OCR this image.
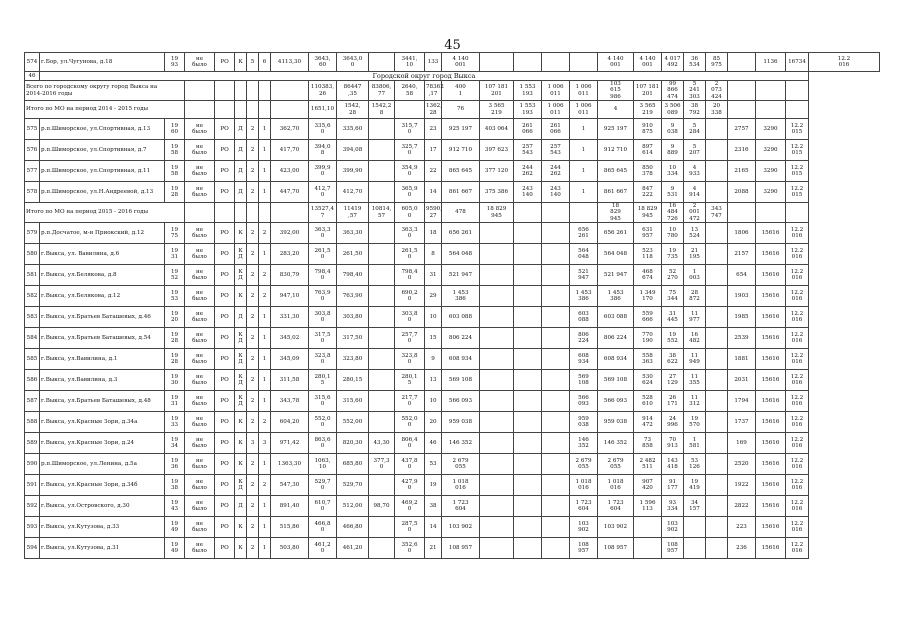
45
574	г.Бор, ул.Чугунова, д.18	19
93	не
было	РО	К	5	6	4113,30	3643,
60	3643,0
0		3441,
10	133	4 140
001					4 140
001	4 140
001	4 017
492	36
534	85
975		1136	16734	12.2
016
46	Городской округ город Выкса																										
Всего по городскому округу город Выкса на
2014-2016 годы									110383,
26	86447
,35	83806,
77	2640,
58	78362
,17	400
1	107 181
201	1 553
193	1 006
011	1 006
011	103
615
986	107 181
201	99
866
474	5
241
303	2
073
424				
Итого по МО на период 2014 - 2015 годы									1651,10	1542,
28	1542,2
8		1362,
28	76	3 565
219	1 553
193	1 006
011	1 006
011	4	3 565
219	3 506
089	38
792	20
338				
575	р.п.Шиморское, ул.Спортивная, д.13	19
60	не
было	РО	Д	2	1	362,70	335,6
0	335,60		315,7
0	23	925 197	403 064	261
066	261
066	1	925 197	910
875	9
038	5
284		2757	3290	12.2
015	
576	р.п.Шиморское, ул.Спортивная, д.7	19
58	не
было	РО	Д	2	1	417,70	394,0
8	394,08		325,7
0	17	912 710	397 623	257
543	257
543	1	912 710	897
614	9
889	5
207		2316	3290	12.2
015	
577	р.п.Шиморское, ул.Спортивная, д.11	19
58	не
было	РО	Д	2	1	423,00	399,9
0	399,90		354,9
0	22	865 645	377 120	244
262	244
262	1	865 645	850
378	10
334	4
933		2165	3290	12.2
015	
578	р.п.Шиморское, ул.Н.Андреевой, д.13	19
28	не
было	РО	Д	2	1	447,70	412,7
0	412,70		365,9
0	14	861 667	375 386	243
140	243
140	1	861 667	847
222	9
531	4
914		2088	3290	12.2
015	
Итого по МО на период 2015 - 2016 годы									13527,4
7	11419
,57	10814,
57	605,0
0	9590,
27	478	18 829
945				18
829
945	18 829
945	16
484
726	2
001
472	343
747				
579	р.п.Досчатое, м-н Приокский, д.12	19
75	не
было	РО	К	2	2	392,00	363,3
0	363,30		363,3
0	18	656 261				656
261	656 261	631
957	10
780	13
524		1806	15616	12.2
016	
580	г.Выкса, ул. Вавилина, д.6	19
31	не
было	РО	К
Д	2	1	283,20	261,5
0	261,50		261,5
0	8	564 048				564
048	564 048	523
118	19
735	21
195		2157	15616	12.2
016	
581	г.Выкса, ул.Белякова, д.8	19
52	не
было	РО	К
Д	2	2	830,79	798,4
0	798,40		798,4
0	31	521 947				521
947	521 947	468
674	52
270	1
003		654	15616	12.2
016	
582	г.Выкса, ул.Белякова, д.12	19
53	не
было	РО	К	2	2	947,10	763,9
0	763,90		690,2
0	29	1 453
386				1 453
386	1 453
386	1 349
170	75
344	28
872		1903	15616	12.2
016	
583	г.Выкса, ул.Братьев Баташевых, д.46	19
20	не
было	РО	Д	2	1	331,30	303,8
0	303,80		303,8
0	10	603 088				603
088	603 088	559
666	31
445	11
977		1985	15616	12.2
016	
584	г.Выкса, ул.Братьев Баташевых, д.54	19
28	не
было	РО	К
Д	2	1	345,02	317,5
0	317,50		257,7
0	15	806 224				806
224	806 224	770
190	19
552	16
482		2539	15616	12.2
016	
585	г.Выкса, ул.Вавилина, д.1	19
28	не
было	РО	К
Д	2	1	345,09	323,8
0	323,80		323,8
0	9	608 934				608
934	608 934	558
363	38
622	11
949		1881	15616	12.2
016	
586	г.Выкса, ул.Вавилина, д.3	19
30	не
было	РО	К
Д	2	1	311,58	280,1
5	280,15		280,1
5	13	569 108				569
108	569 108	530
624	27
129	11
355		2031	15616	12.2
016	
587	г.Выкса, ул.Братьев Баташевых, д.48	19
31	не
было	РО	К
Д	2	1	343,78	315,6
0	315,60		217,7
0	10	566 093				566
093	566 093	528
610	26
171	11
312		1794	15616	12.2
016	
588	г.Выкса, ул.Красные Зори, д.34а	19
33	не
было	РО	К	2	2	604,20	552,0
0	552,00		552,0
0	20	959 038				959
038	959 038	914
472	24
996	19
570		1737	15616	12.2
016	
589	г.Выкса, ул.Красные Зори, д.24	19
34	не
было	РО	К	3	3	971,42	863,6
0	820,30	43,30	806,4
0	46	146 352				146
352	146 352	73
858	70
913	1
581		169	15616	12.2
016	
590	р.п.Шиморское, ул.Ленина, д.5а	19
36	не
было	РО	К	2	1	1363,30	1063,
10	685,80	377,3
0	437,8
0	53	2 679
055				2 679
055	2 679
055	2 482
511	143
418	53
126		2520	15616	12.2
016	
591	г.Выкса, ул.Красные Зори, д.34б	19
38	не
было	РО	К
Д	2	2	547,30	529,7
0	529,70		427,9
0	19	1 018
016				1 018
016	1 018
016	907
420	91
177	19
419		1922	15616	12.2
016	
592	г.Выкса, ул.Островского, д.30	19
43	не
было	РО	Д	2	1	891,40	610,7
0	512,00	98,70	469,2
0	38	1 723
604				1 723
604	1 723
604	1 596
113	93
334	34
157		2822	15616	12.2
016	
593	г.Выкса, ул.Кутузова, д.33	19
49	не
было	РО	К	2	1	515,86	466,8
0	466,80		287,5
0	14	103 902				103
902	103 902		103
902			223	15616	12.2
016	
594	г.Выкса, ул.Кутузова, д.31	19
49	не
было	РО	К	2	1	503,80	461,2
0	461,20		352,6
0	21	108 957				108
957	108 957		108
957			236	15616	12.2
016	
